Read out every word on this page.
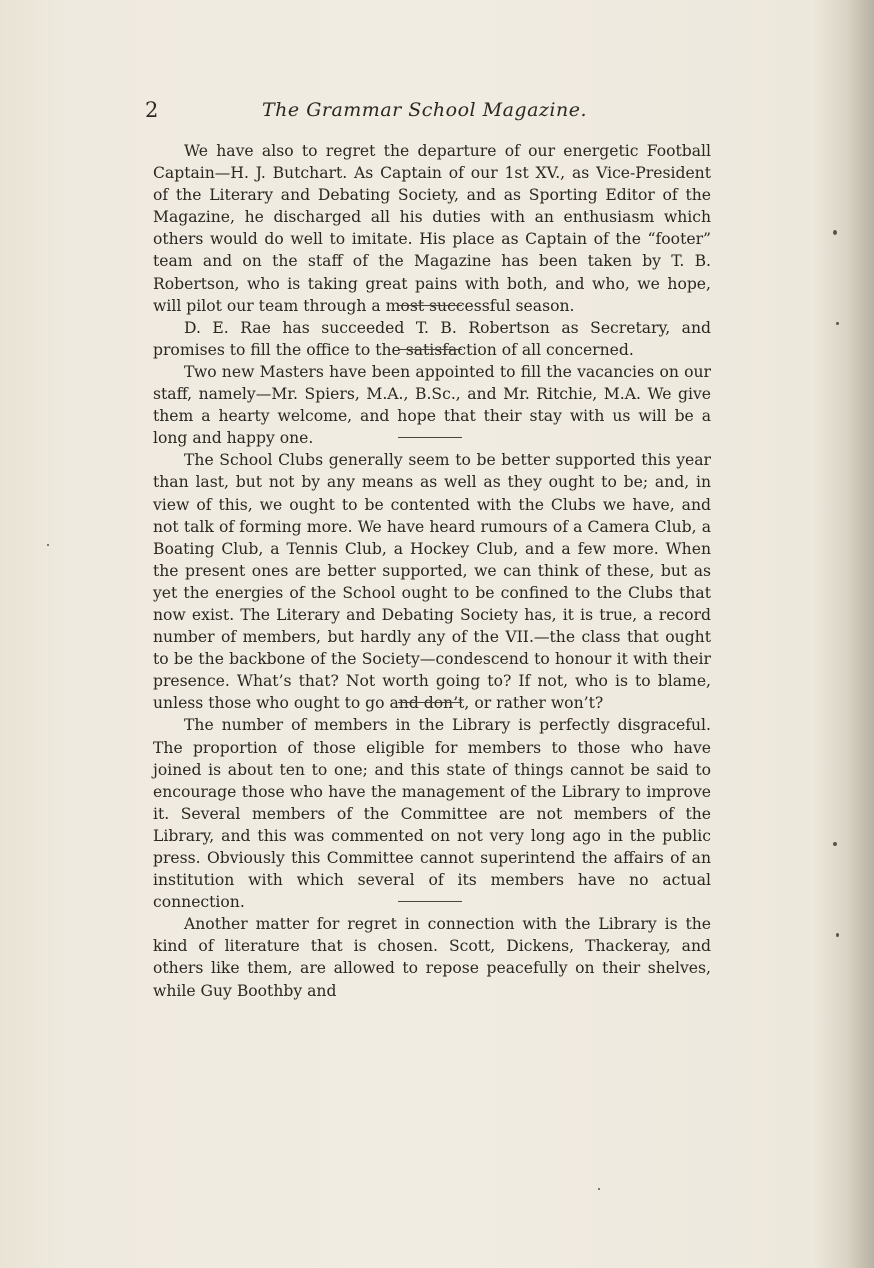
2	The Grammar School Magazine.

We have also to regret the departure of our energetic Football Captain—H. J. Butchart. As Captain of our 1st XV., as Vice-President of the Literary and Debating Society, and as Sporting Editor of the Magazine, he discharged all his duties with an enthusiasm which others would do well to imitate. His place as Captain of the “footer” team and on the staff of the Magazine has been taken by T. B. Robertson, who is taking great pains with both, and who, we hope, will pilot our team through a most successful season.

D. E. Rae has succeeded T. B. Robertson as Secretary, and promises to fill the office to the satisfaction of all concerned.

Two new Masters have been appointed to fill the vacancies on our staff, namely—Mr. Spiers, M.A., B.Sc., and Mr. Ritchie, M.A. We give them a hearty welcome, and hope that their stay with us will be a long and happy one.

The School Clubs generally seem to be better supported this year than last, but not by any means as well as they ought to be; and, in view of this, we ought to be contented with the Clubs we have, and not talk of forming more. We have heard rumours of a Camera Club, a Boating Club, a Tennis Club, a Hockey Club, and a few more. When the present ones are better supported, we can think of these, but as yet the energies of the School ought to be confined to the Clubs that now exist. The Literary and Debating Society has, it is true, a record number of members, but hardly any of the VII.—the class that ought to be the backbone of the Society—condescend to honour it with their presence. What’s that? Not worth going to? If not, who is to blame, unless those who ought to go and don’t, or rather won’t?

The number of members in the Library is perfectly disgraceful. The proportion of those eligible for members to those who have joined is about ten to one; and this state of things cannot be said to encourage those who have the management of the Library to improve it. Several members of the Committee are not members of the Library, and this was commented on not very long ago in the public press. Obviously this Committee cannot superintend the affairs of an institution with which several of its members have no actual connection.

Another matter for regret in connection with the Library is the kind of literature that is chosen. Scott, Dickens, Thackeray, and others like them, are allowed to repose peacefully on their shelves, while Guy Boothby and
